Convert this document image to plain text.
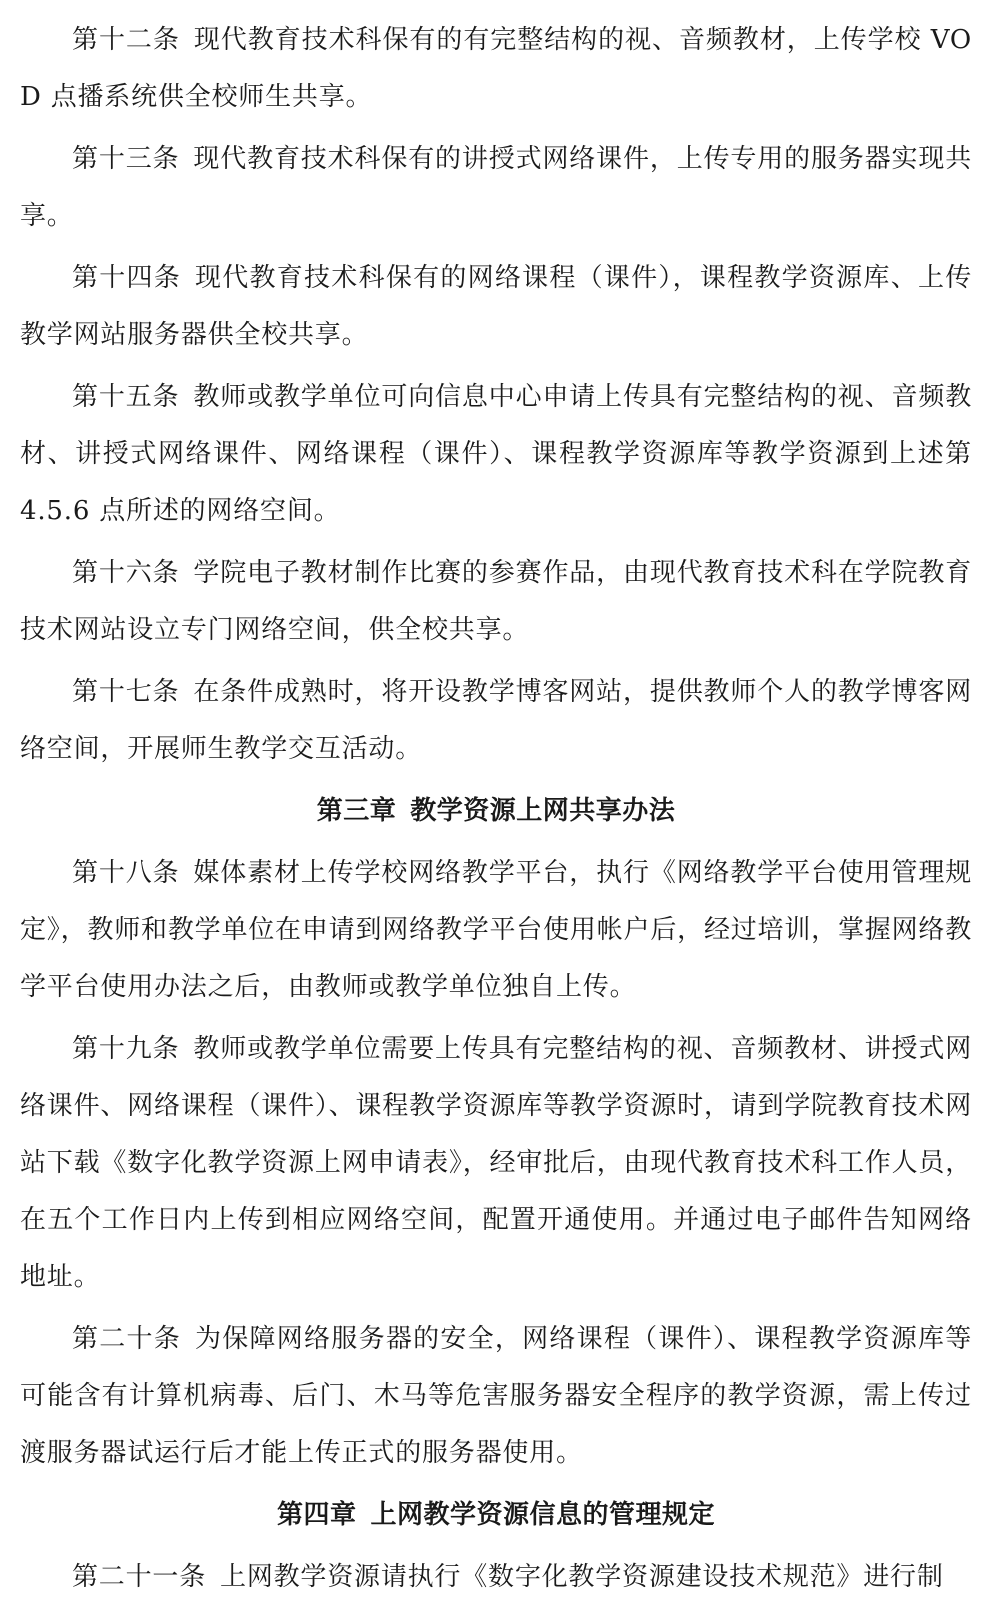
第十二条 现代教育技术科保有的有完整结构的视、音频教材，上传学校 VOD 点播系统供全校师生共享。

第十三条 现代教育技术科保有的讲授式网络课件，上传专用的服务器实现共享。

第十四条 现代教育技术科保有的网络课程（课件），课程教学资源库、上传教学网站服务器供全校共享。

第十五条 教师或教学单位可向信息中心申请上传具有完整结构的视、音频教材、讲授式网络课件、网络课程（课件）、课程教学资源库等教学资源到上述第 4.5.6 点所述的网络空间。

第十六条 学院电子教材制作比赛的参赛作品，由现代教育技术科在学院教育技术网站设立专门网络空间，供全校共享。

第十七条 在条件成熟时，将开设教学博客网站，提供教师个人的教学博客网络空间，开展师生教学交互活动。

第三章 教学资源上网共享办法

第十八条 媒体素材上传学校网络教学平台，执行《网络教学平台使用管理规定》，教师和教学单位在申请到网络教学平台使用帐户后，经过培训，掌握网络教学平台使用办法之后，由教师或教学单位独自上传。

第十九条 教师或教学单位需要上传具有完整结构的视、音频教材、讲授式网络课件、网络课程（课件）、课程教学资源库等教学资源时，请到学院教育技术网站下载《数字化教学资源上网申请表》，经审批后，由现代教育技术科工作人员，在五个工作日内上传到相应网络空间，配置开通使用。并通过电子邮件告知网络地址。

第二十条 为保障网络服务器的安全，网络课程（课件）、课程教学资源库等可能含有计算机病毒、后门、木马等危害服务器安全程序的教学资源，需上传过渡服务器试运行后才能上传正式的服务器使用。

第四章 上网教学资源信息的管理规定

第二十一条 上网教学资源请执行《数字化教学资源建设技术规范》进行制
